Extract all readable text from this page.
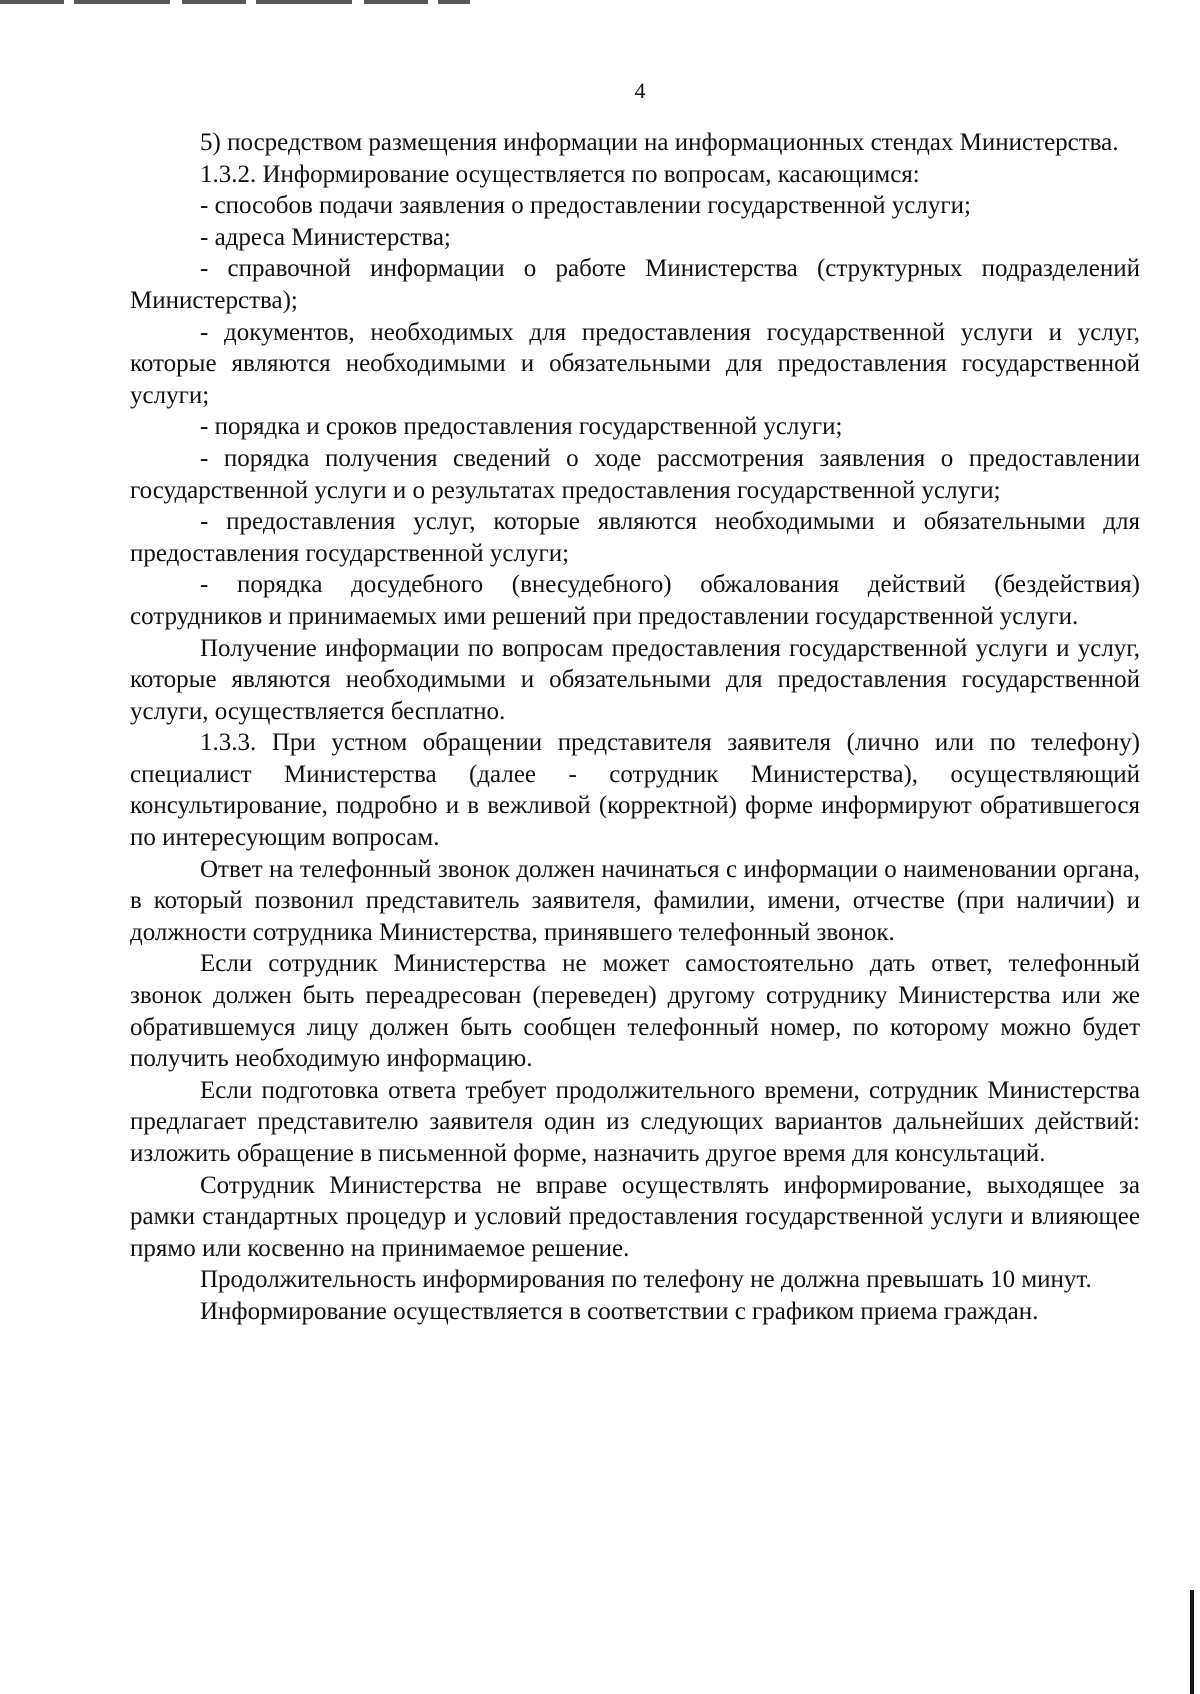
4

5) посредством размещения информации на информационных стендах Министерства.

1.3.2. Информирование осуществляется по вопросам, касающимся:

- способов подачи заявления о предоставлении государственной услуги;

- адреса Министерства;

- справочной информации о работе Министерства (структурных подразделений Министерства);

- документов, необходимых для предоставления государственной услуги и услуг, которые являются необходимыми и обязательными для предоставления государственной услуги;

- порядка и сроков предоставления государственной услуги;

- порядка получения сведений о ходе рассмотрения заявления о предоставлении государственной услуги и о результатах предоставления государственной услуги;

- предоставления услуг, которые являются необходимыми и обязательными для предоставления государственной услуги;

- порядка досудебного (внесудебного) обжалования действий (бездействия) сотрудников и принимаемых ими решений при предоставлении государственной услуги.

Получение информации по вопросам предоставления государственной услуги и услуг, которые являются необходимыми и обязательными для предоставления государственной услуги, осуществляется бесплатно.

1.3.3. При устном обращении представителя заявителя (лично или по телефону) специалист Министерства (далее - сотрудник Министерства), осуществляющий консультирование, подробно и в вежливой (корректной) форме информируют обратившегося по интересующим вопросам.

Ответ на телефонный звонок должен начинаться с информации о наименовании органа, в который позвонил представитель заявителя, фамилии, имени, отчестве (при наличии) и должности сотрудника Министерства, принявшего телефонный звонок.

Если сотрудник Министерства не может самостоятельно дать ответ, телефонный звонок должен быть переадресован (переведен) другому сотруднику Министерства или же обратившемуся лицу должен быть сообщен телефонный номер, по которому можно будет получить необходимую информацию.

Если подготовка ответа требует продолжительного времени, сотрудник Министерства предлагает представителю заявителя один из следующих вариантов дальнейших действий: изложить обращение в письменной форме, назначить другое время для консультаций.

Сотрудник Министерства не вправе осуществлять информирование, выходящее за рамки стандартных процедур и условий предоставления государственной услуги и влияющее прямо или косвенно на принимаемое решение.

Продолжительность информирования по телефону не должна превышать 10 минут.

Информирование осуществляется в соответствии с графиком приема граждан.
